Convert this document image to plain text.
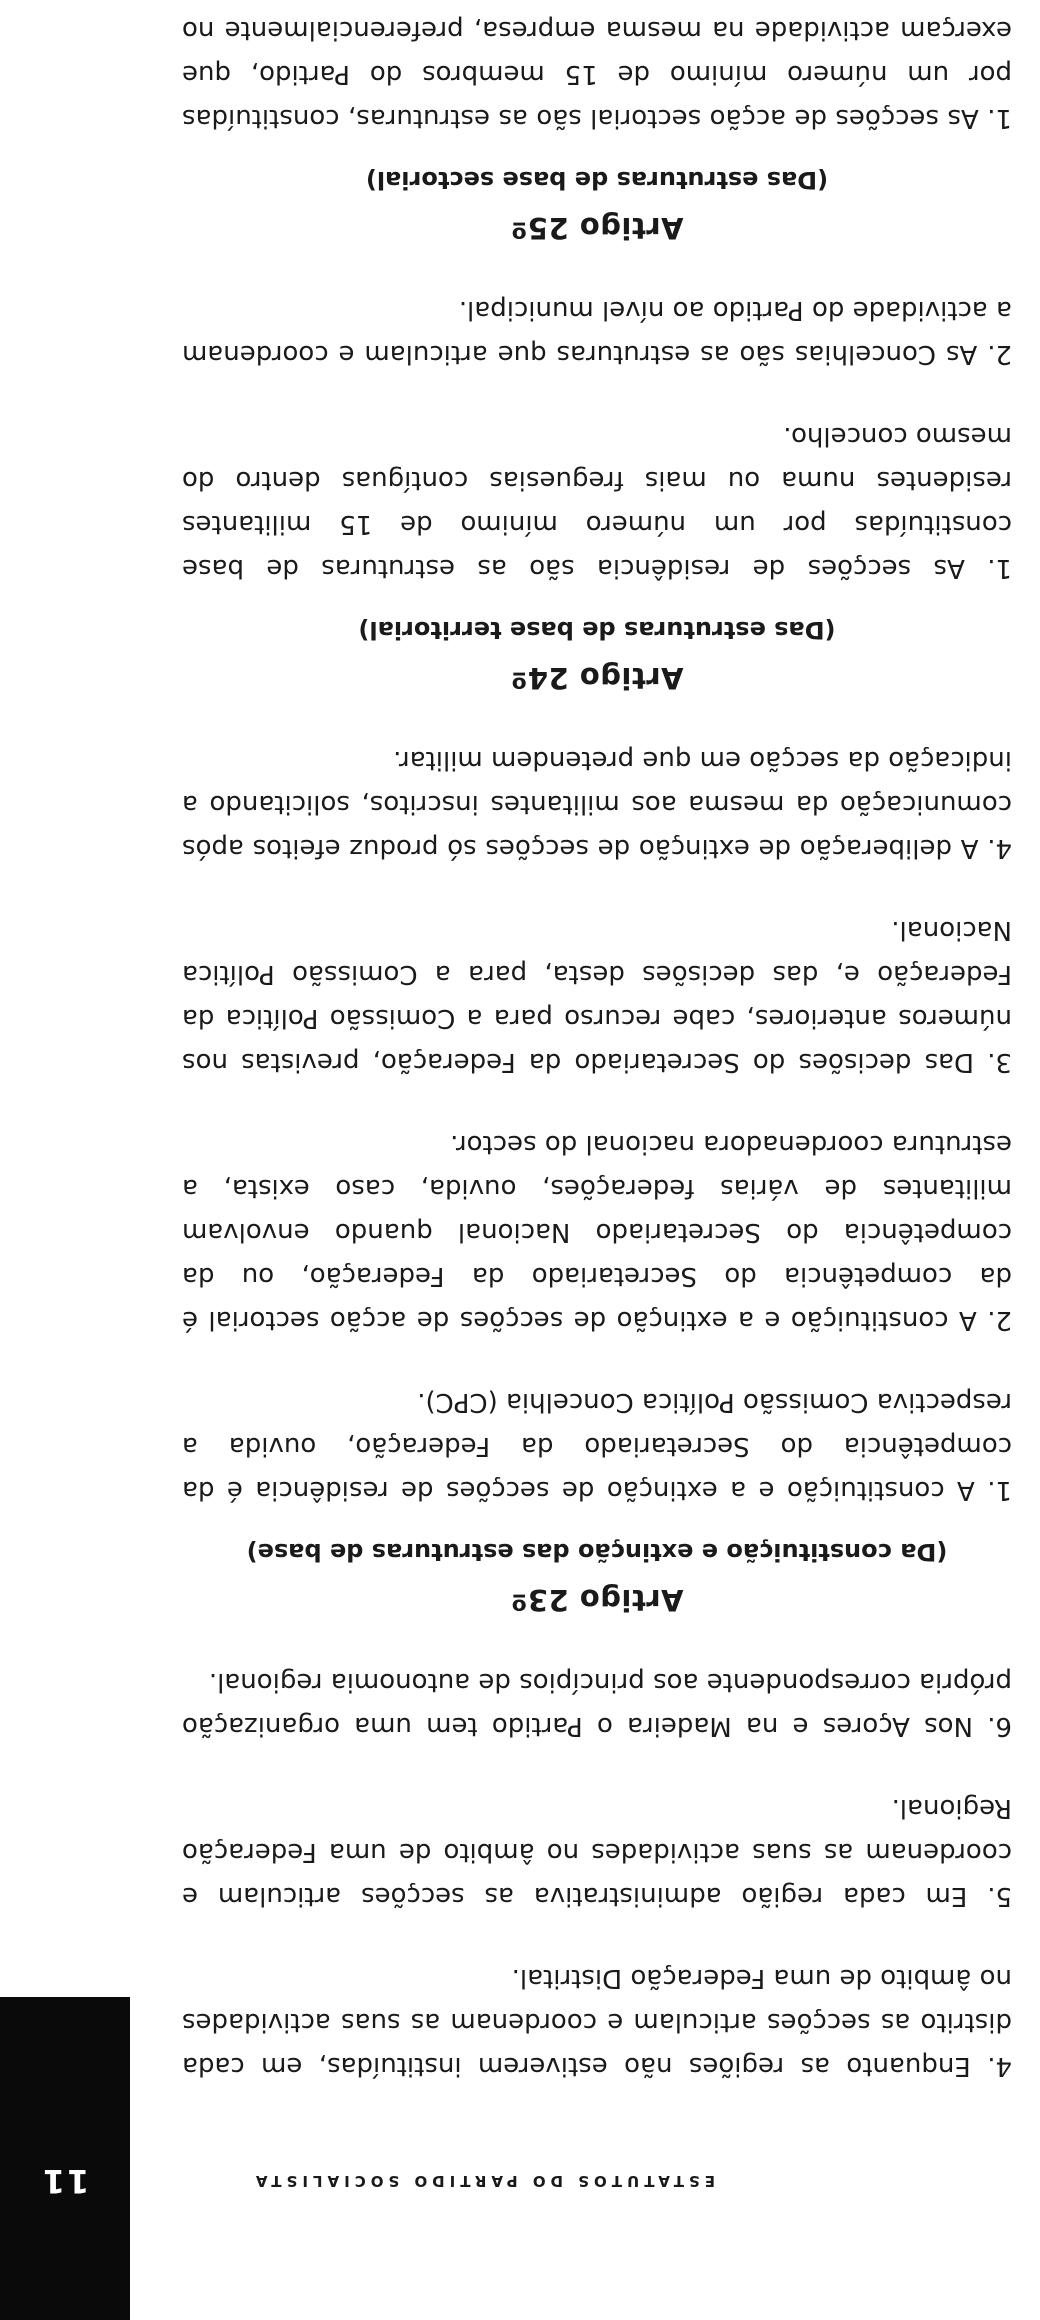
11	ESTATUTOS DO PARTIDO SOCIALISTA
4. Enquanto as regiões não estiverem instituídas, em cada distrito as secções articulam e coordenam as suas actividades no âmbito de uma Federação Distrital.
5. Em cada região administrativa as secções articulam e coordenam as suas actividades no âmbito de uma Federação Regional.
6. Nos Açores e na Madeira o Partido tem uma organização própria correspondente aos princípios de autonomia regional.
Artigo 23º
(Da constituição e extinção das estruturas de base)
1. A constituição e a extinção de secções de residência é da competência do Secretariado da Federação, ouvida a respectiva Comissão Política Concelhia (CPC).
2. A constituição e a extinção de secções de acção sectorial é da competência do Secretariado da Federação, ou da competência do Secretariado Nacional quando envolvam militantes de várias federações, ouvida, caso exista, a estrutura coordenadora nacional do sector.
3. Das decisões do Secretariado da Federação, previstas nos números anteriores, cabe recurso para a Comissão Política da Federação e, das decisões desta, para a Comissão Política Nacional.
4. A deliberação de extinção de secções só produz efeitos após comunicação da mesma aos militantes inscritos, solicitando a indicação da secção em que pretendem militar.
Artigo 24º
(Das estruturas de base territorial)
1. As secções de residência são as estruturas de base constituídas por um número mínimo de 15 militantes residentes numa ou mais freguesias contíguas dentro do mesmo concelho.
2. As Concelhias são as estruturas que articulam e coordenam a actividade do Partido ao nível municipal.
Artigo 25º
(Das estruturas de base sectorial)
1. As secções de acção sectorial são as estruturas, constituídas por um número mínimo de 15 membros do Partido, que exerçam actividade na mesma empresa, preferencialmente no
